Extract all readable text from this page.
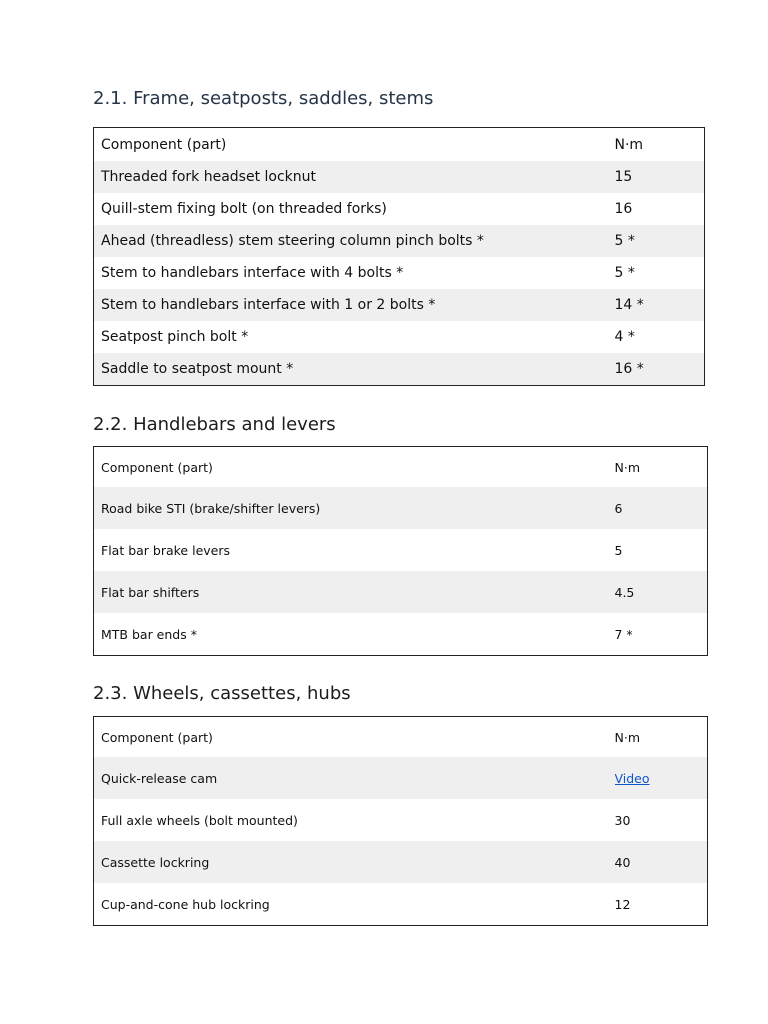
2.1. Frame, seatposts, saddles, stems
Component (part)	N·m
Threaded fork headset locknut	15
Quill-stem fixing bolt (on threaded forks)	16
Ahead (threadless) stem steering column pinch bolts *	5 *
Stem to handlebars interface with 4 bolts *	5 *
Stem to handlebars interface with 1 or 2 bolts *	14 *
Seatpost pinch bolt *	4 *
Saddle to seatpost mount *	16 *
2.2. Handlebars and levers
Component (part)	N·m
Road bike STI (brake/shifter levers)	6
Flat bar brake levers	5
Flat bar shifters	4.5
MTB bar ends *	7 *
2.3. Wheels, cassettes, hubs
Component (part)	N·m
Quick-release cam	Video
Full axle wheels (bolt mounted)	30
Cassette lockring	40
Cup-and-cone hub lockring	12
